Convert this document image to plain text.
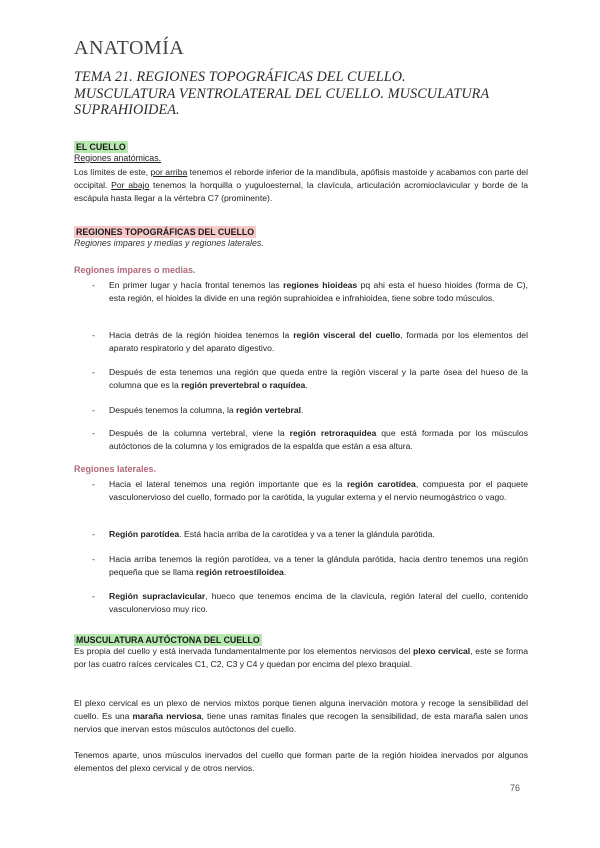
ANATOMÍA
TEMA 21. REGIONES TOPOGRÁFICAS DEL CUELLO.
MUSCULATURA VENTROLATERAL DEL CUELLO. MUSCULATURA
SUPRAHIOIDEA.
EL CUELLO
Regiones anatómicas.
Los límites de este, por arriba tenemos el reborde inferior de la mandíbula, apófisis mastoide y acabamos con parte del occipital. Por abajo tenemos la horquilla o yuguloesternal, la clavícula, articulación acromioclavicular y borde de la escápula hasta llegar a la vértebra C7 (prominente).
REGIONES TOPOGRÁFICAS DEL CUELLO
Regiones impares y medias y regiones laterales.
Regiones impares o medias.
- En primer lugar y hacía frontal tenemos las regiones hioideas pq ahi esta el hueso hioides (forma de C), esta región, el hioides la divide en una región suprahioidea e infrahioidea, tiene sobre todo músculos.
- Hacia detrás de la región hioidea tenemos la región visceral del cuello, formada por los elementos del aparato respiratorio y del aparato digestivo.
- Después de esta tenemos una región que queda entre la región visceral y la parte ósea del hueso de la columna que es la región prevertebral o raquídea.
- Después tenemos la columna, la región vertebral.
- Después de la columna vertebral, viene la región retroraquidea que está formada por los músculos autóctonos de la columna y los emigrados de la espalda que están a esa altura.
Regiones laterales.
- Hacia el lateral tenemos una región importante que es la región carotídea, compuesta por el paquete vasculonervioso del cuello, formado por la carótida, la yugular externa y el nervio neumogástrico o vago.
- Región parotídea. Está hacia arriba de la carotídea y va a tener la glándula parótida.
- Hacia arriba tenemos la región parotídea, va a tener la glándula parótida, hacia dentro tenemos una región pequeña que se llama región retroestiloidea.
- Región supraclavicular, hueco que tenemos encima de la clavícula, región lateral del cuello, contenido vasculonervioso muy rico.
MUSCULATURA AUTÓCTONA DEL CUELLO
Es propia del cuello y está inervada fundamentalmente por los elementos nerviosos del plexo cervical, este se forma por las cuatro raíces cervicales C1, C2, C3 y C4 y quedan por encima del plexo braquial.
El plexo cervical es un plexo de nervios mixtos porque tienen alguna inervación motora y recoge la sensibilidad del cuello. Es una maraña nerviosa, tiene unas ramitas finales que recogen la sensibilidad, de esta maraña salen unos nervios que inervan estos músculos autóctonos del cuello.
Tenemos aparte, unos músculos inervados del cuello que forman parte de la región hioidea inervados por algunos elementos del plexo cervical y de otros nervios.
76
